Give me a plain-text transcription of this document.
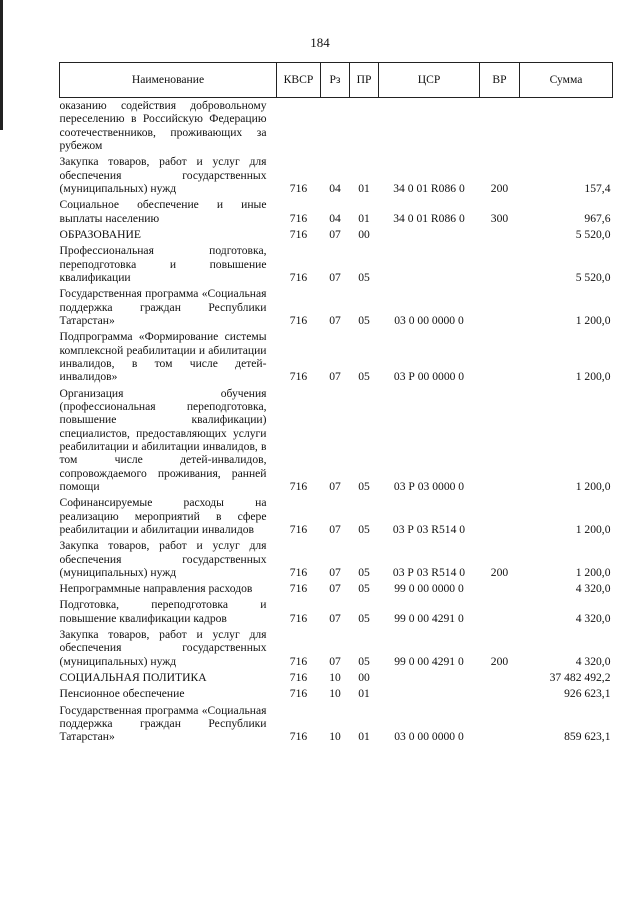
184
Наименование	КВСР	Рз	ПР	ЦСР	ВР	Сумма
оказанию содействия добровольному переселению в Российскую Федерацию соотечественников, проживающих за рубежом						
Закупка товаров, работ и услуг для обеспечения государственных (муниципальных) нужд	716	04	01	34 0 01 R086 0	200	157,4
Социальное обеспечение и иные выплаты населению	716	04	01	34 0 01 R086 0	300	967,6
ОБРАЗОВАНИЕ	716	07	00			5 520,0
Профессиональная подготовка, переподготовка и повышение квалификации	716	07	05			5 520,0
Государственная программа «Социальная поддержка граждан Республики Татарстан»	716	07	05	03 0 00 0000 0		1 200,0
Подпрограмма «Формирование системы комплексной реабилитации и абилитации инвалидов, в том числе детей-инвалидов»	716	07	05	03 Р 00 0000 0		1 200,0
Организация обучения (профессиональная переподготовка, повышение квалификации) специалистов, предоставляющих услуги реабилитации и абилитации инвалидов, в том числе детей-инвалидов, сопровождаемого проживания, ранней помощи	716	07	05	03 Р 03 0000 0		1 200,0
Софинансируемые расходы на реализацию мероприятий в сфере реабилитации и абилитации инвалидов	716	07	05	03 Р 03 R514 0		1 200,0
Закупка товаров, работ и услуг для обеспечения государственных (муниципальных) нужд	716	07	05	03 Р 03 R514 0	200	1 200,0
Непрограммные направления расходов	716	07	05	99 0 00 0000 0		4 320,0
Подготовка, переподготовка и повышение квалификации кадров	716	07	05	99 0 00 4291 0		4 320,0
Закупка товаров, работ и услуг для обеспечения государственных (муниципальных) нужд	716	07	05	99 0 00 4291 0	200	4 320,0
СОЦИАЛЬНАЯ ПОЛИТИКА	716	10	00			37 482 492,2
Пенсионное обеспечение	716	10	01			926 623,1
Государственная программа «Социальная поддержка граждан Республики Татарстан»	716	10	01	03 0 00 0000 0		859 623,1
